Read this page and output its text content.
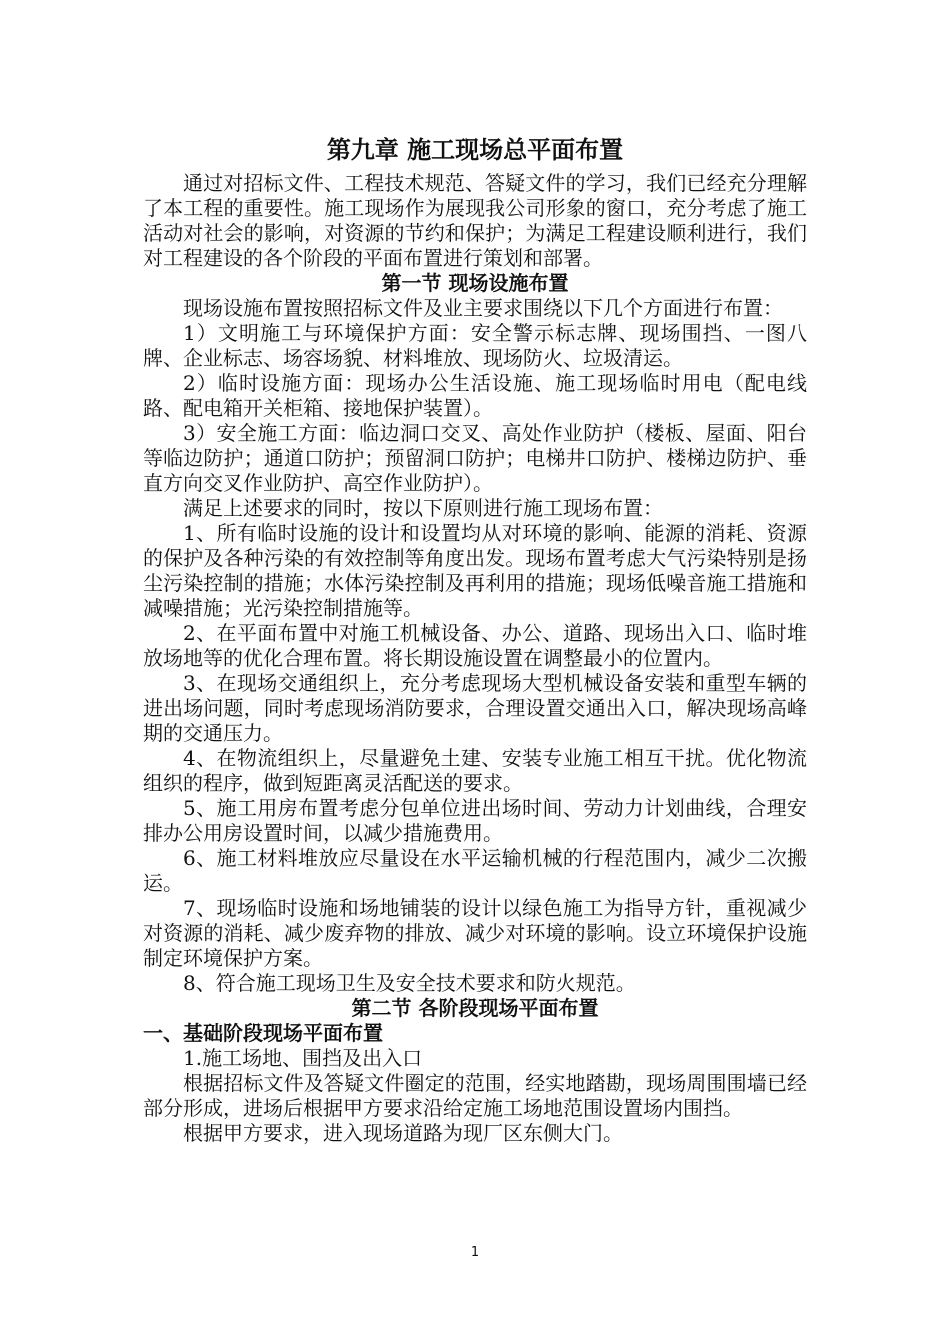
第九章 施工现场总平面布置

通过对招标文件、工程技术规范、答疑文件的学习，我们已经充分理解了本工程的重要性。施工现场作为展现我公司形象的窗口，充分考虑了施工活动对社会的影响，对资源的节约和保护；为满足工程建设顺利进行，我们对工程建设的各个阶段的平面布置进行策划和部署。

第一节 现场设施布置

现场设施布置按照招标文件及业主要求围绕以下几个方面进行布置：

1）文明施工与环境保护方面：安全警示标志牌、现场围挡、一图八牌、企业标志、场容场貌、材料堆放、现场防火、垃圾清运。

2）临时设施方面：现场办公生活设施、施工现场临时用电（配电线路、配电箱开关柜箱、接地保护装置）。

3）安全施工方面：临边洞口交叉、高处作业防护（楼板、屋面、阳台等临边防护；通道口防护；预留洞口防护；电梯井口防护、楼梯边防护、垂直方向交叉作业防护、高空作业防护）。

满足上述要求的同时，按以下原则进行施工现场布置：

1、所有临时设施的设计和设置均从对环境的影响、能源的消耗、资源的保护及各种污染的有效控制等角度出发。现场布置考虑大气污染特别是扬尘污染控制的措施；水体污染控制及再利用的措施；现场低噪音施工措施和减噪措施；光污染控制措施等。

2、在平面布置中对施工机械设备、办公、道路、现场出入口、临时堆放场地等的优化合理布置。将长期设施设置在调整最小的位置内。

3、在现场交通组织上，充分考虑现场大型机械设备安装和重型车辆的进出场问题，同时考虑现场消防要求，合理设置交通出入口，解决现场高峰期的交通压力。

4、在物流组织上，尽量避免土建、安装专业施工相互干扰。优化物流组织的程序，做到短距离灵活配送的要求。

5、施工用房布置考虑分包单位进出场时间、劳动力计划曲线，合理安排办公用房设置时间，以减少措施费用。

6、施工材料堆放应尽量设在水平运输机械的行程范围内，减少二次搬运。

7、现场临时设施和场地铺装的设计以绿色施工为指导方针，重视减少对资源的消耗、减少废弃物的排放、减少对环境的影响。设立环境保护设施制定环境保护方案。

8、符合施工现场卫生及安全技术要求和防火规范。

第二节 各阶段现场平面布置
一、基础阶段现场平面布置

1.施工场地、围挡及出入口

根据招标文件及答疑文件圈定的范围，经实地踏勘，现场周围围墙已经部分形成，进场后根据甲方要求沿给定施工场地范围设置场内围挡。

根据甲方要求，进入现场道路为现厂区东侧大门。

1
